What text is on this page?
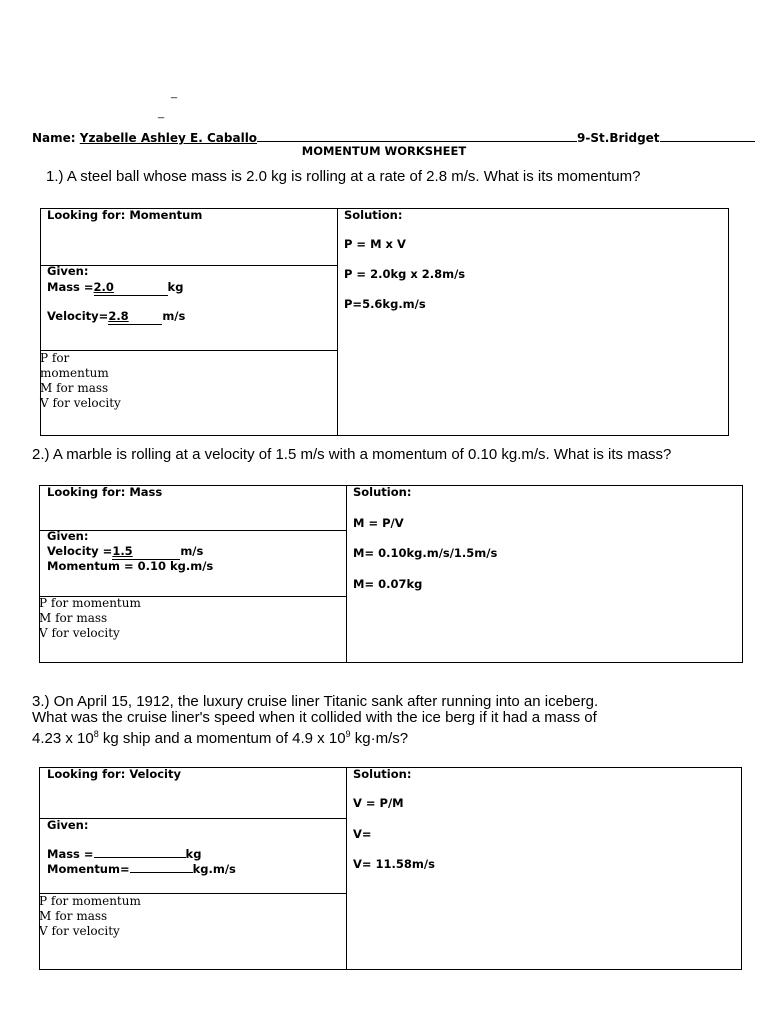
_
_
Name: Yzabelle Ashley E. Caballo	9-St.Bridget
MOMENTUM WORKSHEET
1.) A steel ball whose mass is 2.0 kg is rolling at a rate of 2.8 m/s. What is its momentum?
Looking for: Momentum
Given:
Mass =2.0	kg
Velocity=2.8	m/s
P for
momentum
M for mass
V for velocity
Solution:
P = M x V
P = 2.0kg x 2.8m/s
P=5.6kg.m/s
2.) A marble is rolling at a velocity of 1.5 m/s with a momentum of 0.10 kg.m/s. What is its mass?
Looking for: Mass
Given:
Velocity =1.5	m/s
Momentum = 0.10 kg.m/s
P for momentum
M for mass
V for velocity
Solution:
M = P/V
M= 0.10kg.m/s/1.5m/s
M= 0.07kg
3.) On April 15, 1912, the luxury cruise liner Titanic sank after running into an iceberg.
What was the cruise liner's speed when it collided with the ice berg if it had a mass of
4.23 x $10^8$ kg ship and a momentum of 4.9 x $10^9$ kg·m/s?
Looking for: Velocity
Given:
Mass =	kg
Momentum=	kg.m/s
P for momentum
M for mass
V for velocity
Solution:
V = P/M
V=
V= 11.58m/s
